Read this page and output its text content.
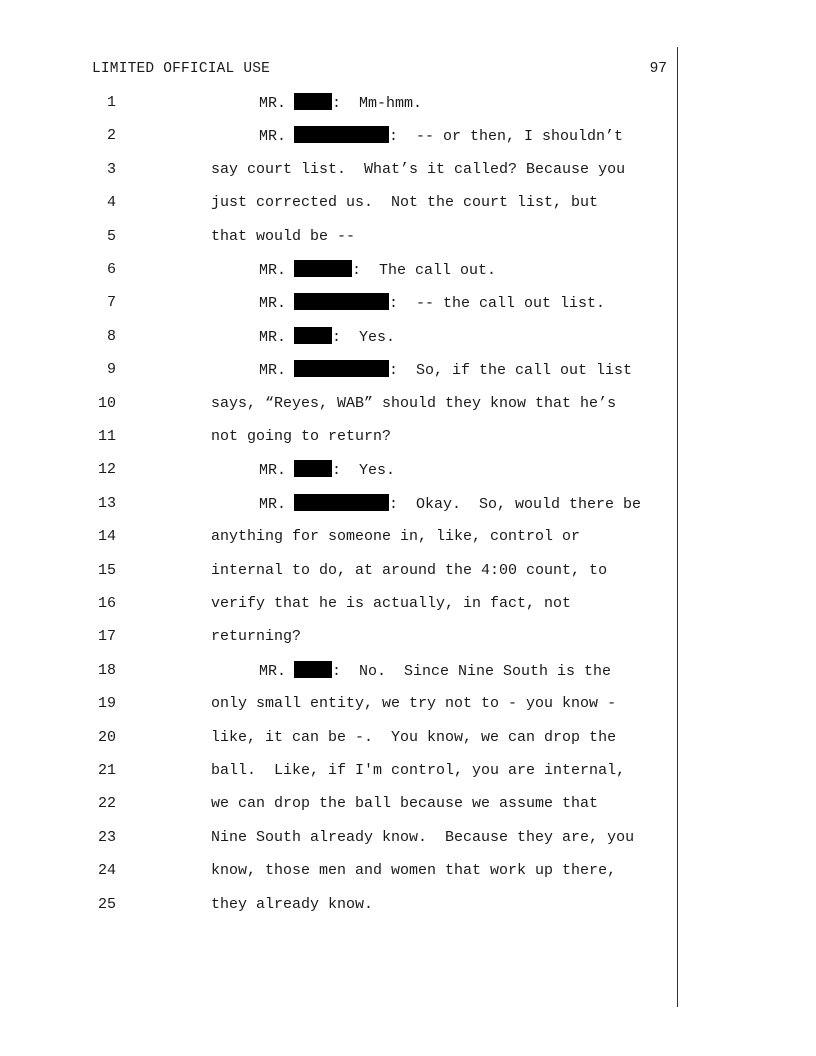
LIMITED OFFICIAL USE	97
1	MR.	:  Mm-hmm.
2	MR.	:  -- or then, I shouldn’t
3	say court list.  What’s it called? Because you
4	just corrected us.  Not the court list, but
5	that would be --
6	MR.	:  The call out.
7	MR.	:  -- the call out list.
8	MR.	:  Yes.
9	MR.	:  So, if the call out list
10	says, “Reyes, WAB” should they know that he’s
11	not going to return?
12	MR.	:  Yes.
13	MR.	:  Okay.  So, would there be
14	anything for someone in, like, control or
15	internal to do, at around the 4:00 count, to
16	verify that he is actually, in fact, not
17	returning?
18	MR.	:  No.  Since Nine South is the
19	only small entity, we try not to - you know -
20	like, it can be -.  You know, we can drop the
21	ball.  Like, if I'm control, you are internal,
22	we can drop the ball because we assume that
23	Nine South already know.  Because they are, you
24	know, those men and women that work up there,
25	they already know.
